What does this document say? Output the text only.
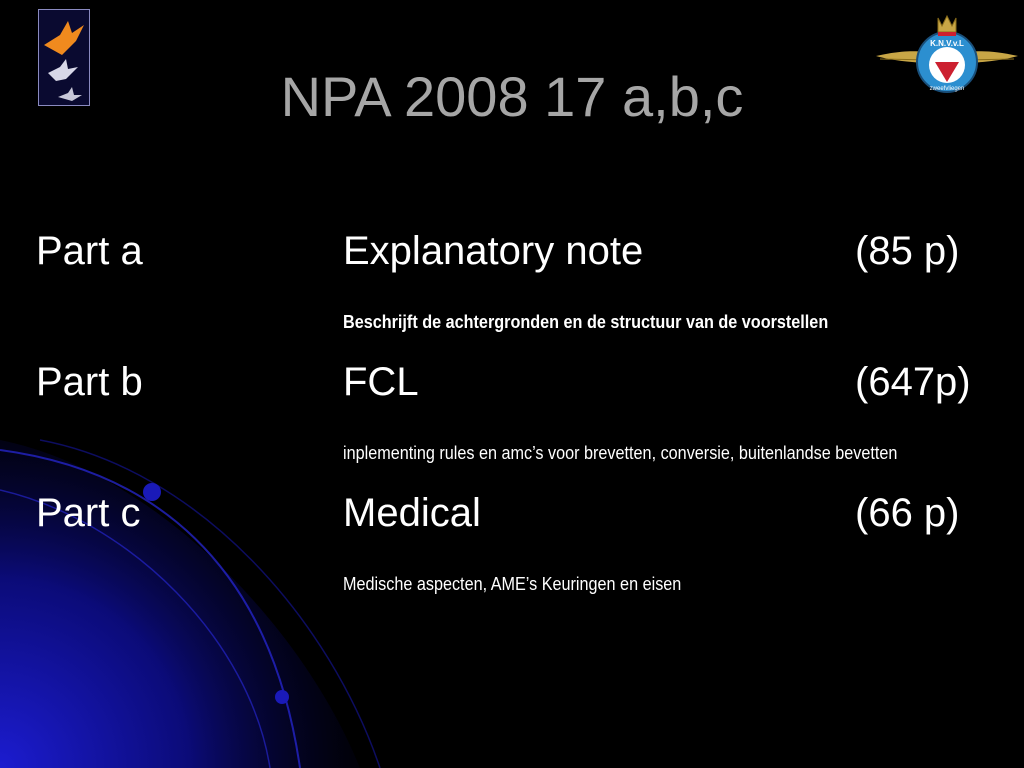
K.N.V.v.L
zweefvliegen
NPA 2008 17 a,b,c
Part a	Explanatory note	(85 p)
Beschrijft de achtergronden en de structuur van de voorstellen
Part b	FCL	(647p)
inplementing rules en amc’s voor brevetten, conversie, buitenlandse bevetten
Part c	Medical	(66 p)
Medische aspecten, AME’s Keuringen en eisen
